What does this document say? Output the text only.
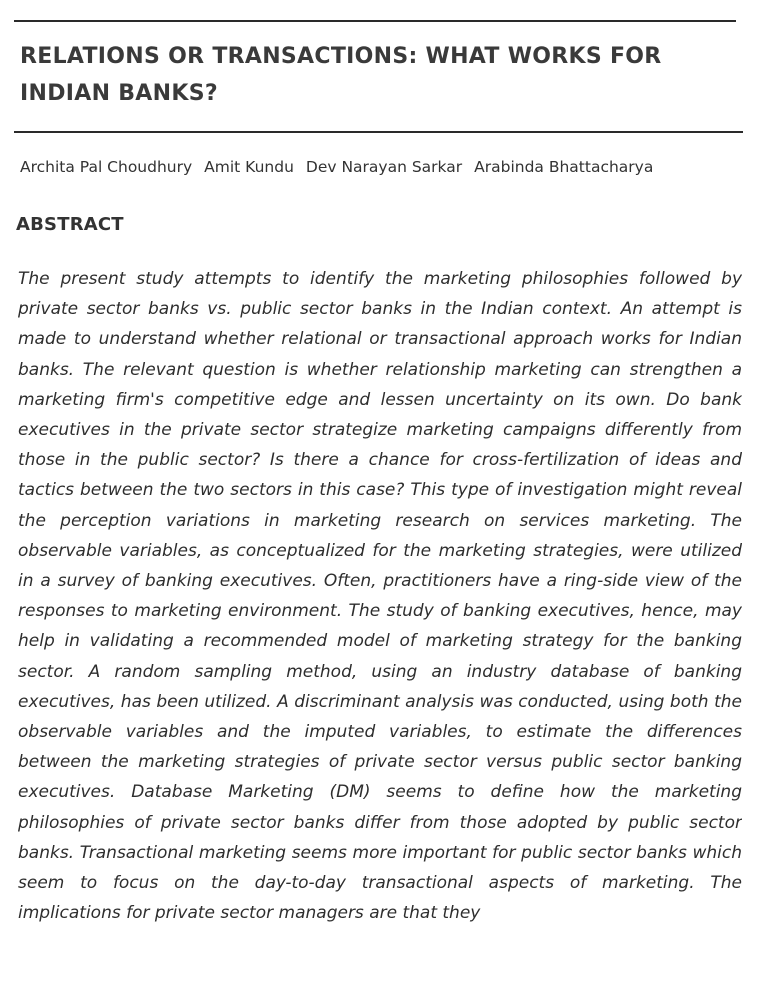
RELATIONS OR TRANSACTIONS: WHAT WORKS FOR INDIAN BANKS?
Archita Pal Choudhury Amit Kundu Dev Narayan Sarkar Arabinda Bhattacharya
ABSTRACT

The present study attempts to identify the marketing philosophies followed by private sector banks vs. public sector banks in the Indian context. An attempt is made to understand whether relational or transactional approach works for Indian banks. The relevant question is whether relationship marketing can strengthen a marketing firm's competitive edge and lessen uncertainty on its own. Do bank executives in the private sector strategize marketing campaigns differently from those in the public sector? Is there a chance for cross-fertilization of ideas and tactics between the two sectors in this case? This type of investigation might reveal the perception variations in marketing research on services marketing. The observable variables, as conceptualized for the marketing strategies, were utilized in a survey of banking executives. Often, practitioners have a ring-side view of the responses to marketing environment. The study of banking executives, hence, may help in validating a recommended model of marketing strategy for the banking sector. A random sampling method, using an industry database of banking executives, has been utilized. A discriminant analysis was conducted, using both the observable variables and the imputed variables, to estimate the differences between the marketing strategies of private sector versus public sector banking executives. Database Marketing (DM) seems to define how the marketing philosophies of private sector banks differ from those adopted by public sector banks. Transactional marketing seems more important for public sector banks which seem to focus on the day-to-day transactional aspects of marketing. The implications for private sector managers are that they
